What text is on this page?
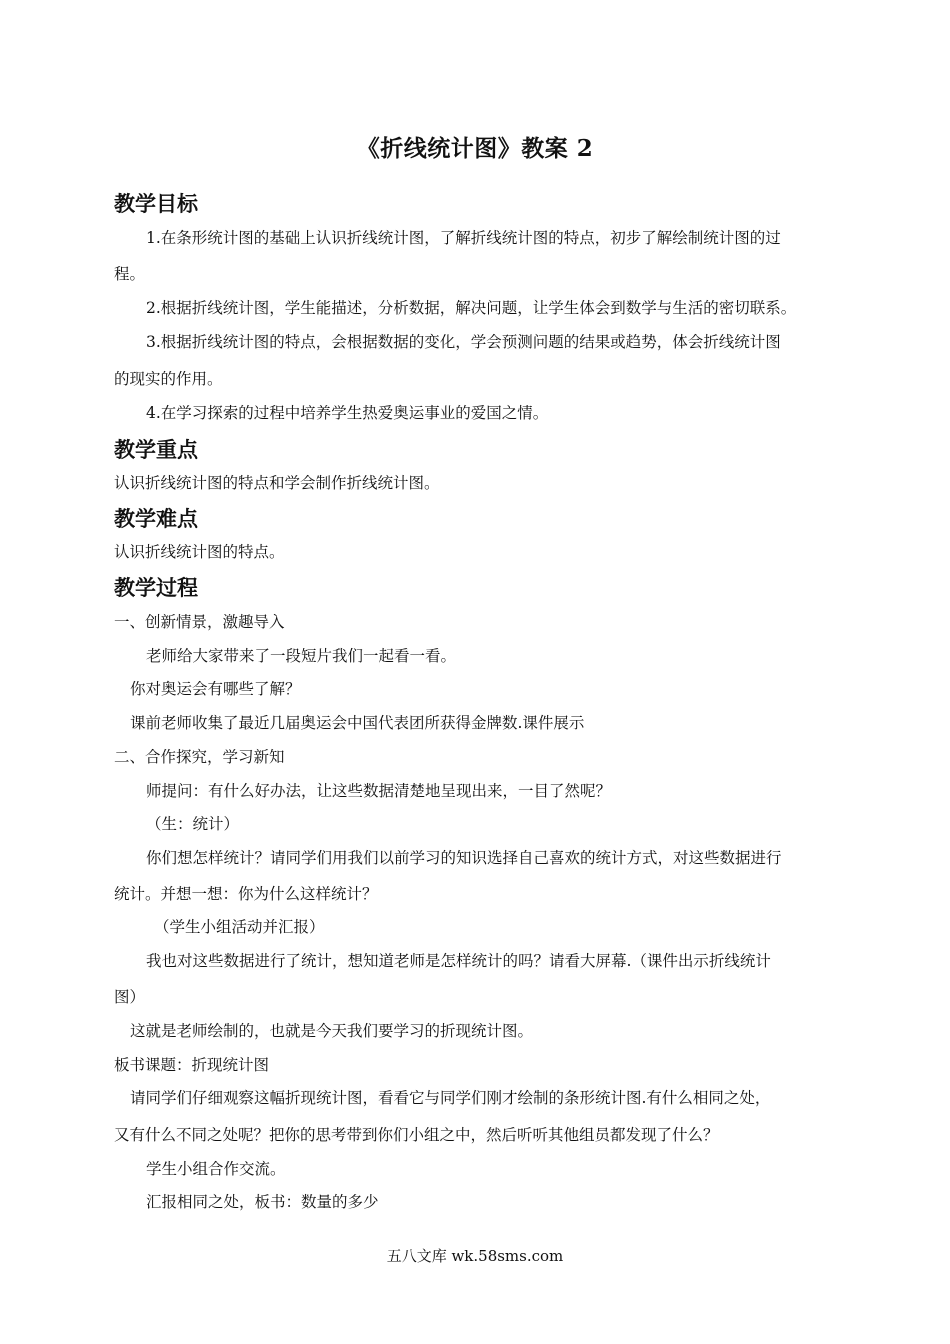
《折线统计图》教案 2
教学目标
1.在条形统计图的基础上认识折线统计图，了解折线统计图的特点，初步了解绘制统计图的过
程。
2.根据折线统计图，学生能描述，分析数据，解决问题，让学生体会到数学与生活的密切联系。
3.根据折线统计图的特点，会根据数据的变化，学会预测问题的结果或趋势，体会折线统计图
的现实的作用。
4.在学习探索的过程中培养学生热爱奥运事业的爱国之情。
教学重点
认识折线统计图的特点和学会制作折线统计图。
教学难点
认识折线统计图的特点。
教学过程
一、创新情景，激趣导入
老师给大家带来了一段短片我们一起看一看。
你对奥运会有哪些了解？
课前老师收集了最近几届奥运会中国代表团所获得金牌数.课件展示
二、合作探究，学习新知
师提问：有什么好办法，让这些数据清楚地呈现出来，一目了然呢？
（生：统计）
你们想怎样统计？请同学们用我们以前学习的知识选择自己喜欢的统计方式，对这些数据进行
统计。并想一想：你为什么这样统计？
（学生小组活动并汇报）
我也对这些数据进行了统计，想知道老师是怎样统计的吗？请看大屏幕.（课件出示折线统计
图）
这就是老师绘制的，也就是今天我们要学习的折现统计图。
板书课题：折现统计图
请同学们仔细观察这幅折现统计图，看看它与同学们刚才绘制的条形统计图.有什么相同之处，
又有什么不同之处呢？把你的思考带到你们小组之中，然后听听其他组员都发现了什么？
学生小组合作交流。
汇报相同之处，板书：数量的多少
五八文库 wk.58sms.com
